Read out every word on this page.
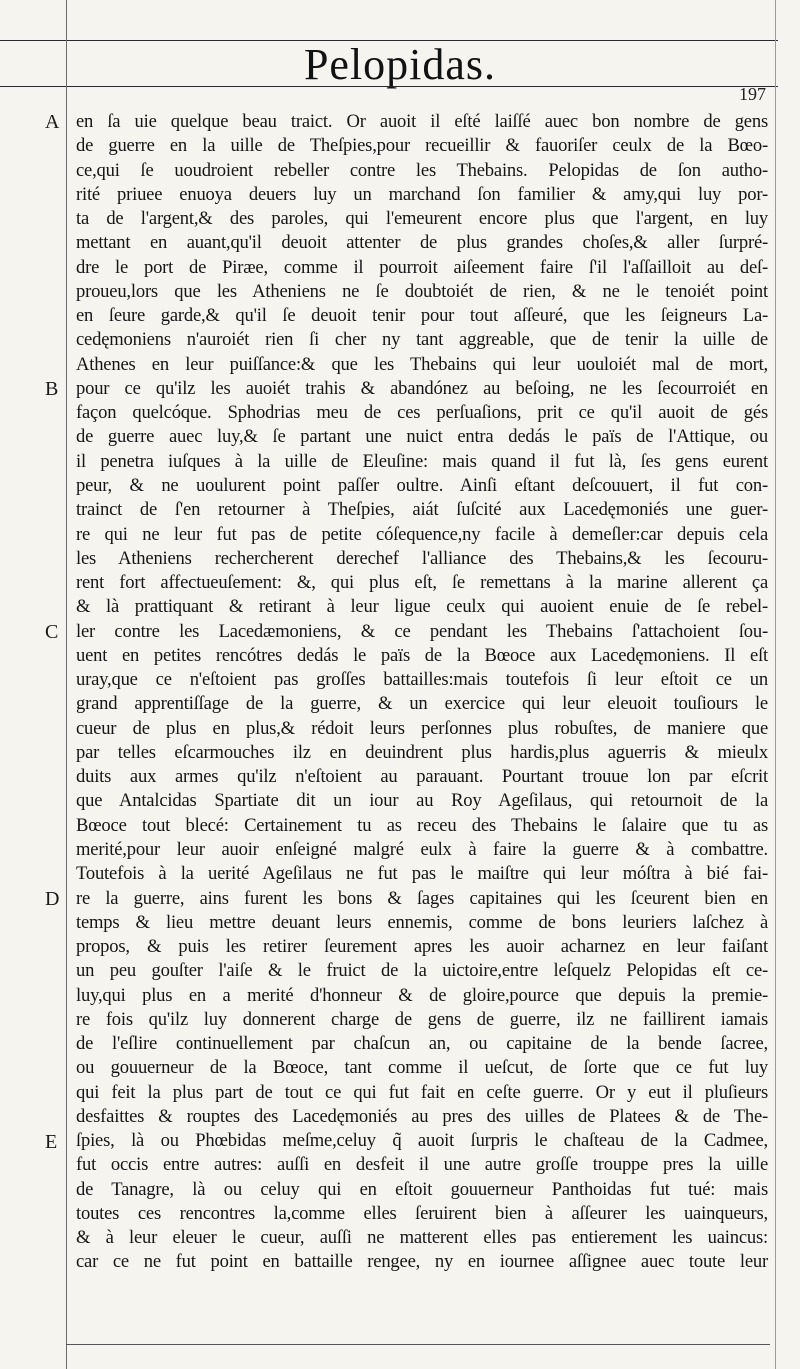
Pelopidas.
197
A
B
C
D
E
en ſa uie quelque beau traict. Or auoit il eſté laiſſé auec bon nombre de gens
de guerre en la uille de Theſpies,pour recueillir & fauoriſer ceulx de la Bœo-
ce,qui ſe uoudroient rebeller contre les Thebains. Pelopidas de ſon autho-
rité priuee enuoya deuers luy un marchand ſon familier & amy,qui luy por-
ta de l'argent,& des paroles, qui l'emeurent encore plus que l'argent, en luy
mettant en auant,qu'il deuoit attenter de plus grandes choſes,& aller ſurpré-
dre le port de Piræe, comme il pourroit aiſeement faire ſ'il l'aſſailloit au deſ-
proueu,lors que les Atheniens ne ſe doubtoiét de rien, & ne le tenoiét point
en ſeure garde,& qu'il ſe deuoit tenir pour tout aſſeuré, que les ſeigneurs La-
cedęmoniens n'auroiét rien ſi cher ny tant aggreable, que de tenir la uille de
Athenes en leur puiſſance:& que les Thebains qui leur uouloiét mal de mort,
pour ce qu'ilz les auoiét trahis & abandónez au beſoing, ne les ſecourroiét en
façon quelcóque. Sphodrias meu de ces perſuaſions, prit ce qu'il auoit de gés
de guerre auec luy,& ſe partant une nuict entra dedás le païs de l'Attique, ou
il penetra iuſques à la uille de Eleuſine: mais quand il fut là, ſes gens eurent
peur, & ne uoulurent point paſſer oultre. Ainſi eſtant deſcouuert, il fut con-
trainct de ſ'en retourner à Theſpies, aiát ſuſcité aux Lacedęmoniés une guer-
re qui ne leur fut pas de petite cóſequence,ny facile à demeſler:car depuis cela
les Atheniens rechercherent derechef l'alliance des Thebains,& les ſecouru-
rent fort affectueuſement: &, qui plus eſt, ſe remettans à la marine allerent ça
& là prattiquant & retirant à leur ligue ceulx qui auoient enuie de ſe rebel-
ler contre les Lacedæmoniens, & ce pendant les Thebains ſ'attachoient ſou-
uent en petites rencótres dedás le païs de la Bœoce aux Lacedęmoniens. Il eſt
uray,que ce n'eſtoient pas groſſes battailles:mais toutefois ſi leur eſtoit ce un
grand apprentiſſage de la guerre, & un exercice qui leur eleuoit touſiours le
cueur de plus en plus,& rédoit leurs perſonnes plus robuſtes, de maniere que
par telles eſcarmouches ilz en deuindrent plus hardis,plus aguerris & mieulx
duits aux armes qu'ilz n'eſtoient au parauant. Pourtant trouue lon par eſcrit
que Antalcidas Spartiate dit un iour au Roy Ageſilaus, qui retournoit de la
Bœoce tout blecé: Certainement tu as receu des Thebains le ſalaire que tu as
merité,pour leur auoir enſeigné malgré eulx à faire la guerre & à combattre.
Toutefois à la uerité Ageſilaus ne fut pas le maiſtre qui leur móſtra à bié fai-
re la guerre, ains furent les bons & ſages capitaines qui les ſceurent bien en
temps & lieu mettre deuant leurs ennemis, comme de bons leuriers laſchez à
propos, & puis les retirer ſeurement apres les auoir acharnez en leur faiſant
un peu gouſter l'aiſe & le fruict de la uictoire,entre leſquelz Pelopidas eſt ce-
luy,qui plus en a merité d'honneur & de gloire,pource que depuis la premie-
re fois qu'ilz luy donnerent charge de gens de guerre, ilz ne faillirent iamais
de l'eſlire continuellement par chaſcun an, ou capitaine de la bende ſacree,
ou gouuerneur de la Bœoce, tant comme il ueſcut, de ſorte que ce fut luy
qui feit la plus part de tout ce qui fut fait en ceſte guerre. Or y eut il pluſieurs
desfaittes & rouptes des Lacedęmoniés au pres des uilles de Platees & de The-
ſpies, là ou Phœbidas meſme,celuy q̃ auoit ſurpris le chaſteau de la Cadmee,
fut occis entre autres: auſſi en desfeit il une autre groſſe trouppe pres la uille
de Tanagre, là ou celuy qui en eſtoit gouuerneur Panthoidas fut tué: mais
toutes ces rencontres la,comme elles ſeruirent bien à aſſeurer les uainqueurs,
& à leur eleuer le cueur, auſſi ne matterent elles pas entierement les uaincus:
car ce ne fut point en battaille rengee, ny en iournee aſſignee auec toute leur
